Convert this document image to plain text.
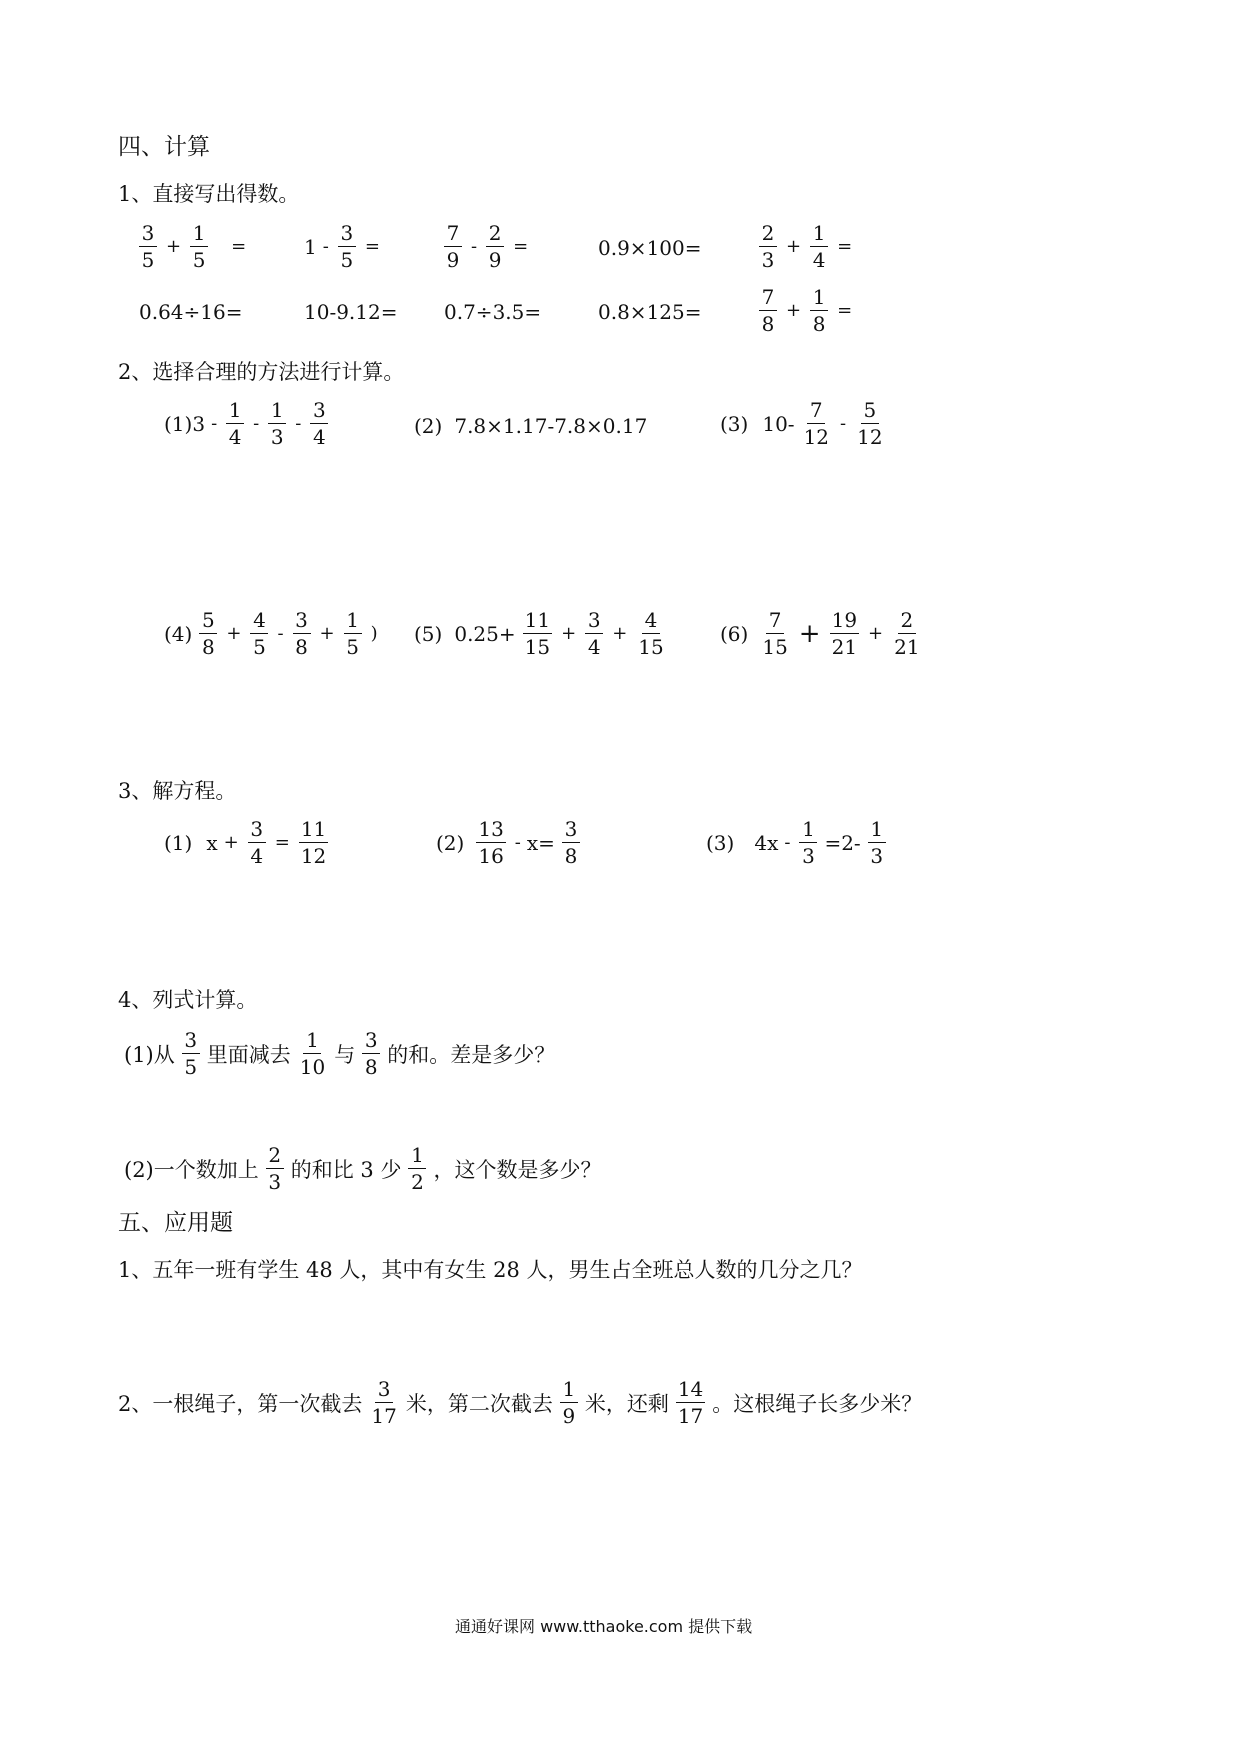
四、计算
1、直接写出得数。
$\frac{3}{5} + \frac{1}{5}$ =	$1 - \frac{3}{5}$ =	$\frac{7}{9} - \frac{2}{9}$ =	0.9×100=	$\frac{2}{3} + \frac{1}{4}$ =
0.64÷16=	10-9.12= 0.7÷3.5=	0.8×125=	$\frac{7}{8} + \frac{1}{8}$ =
2、选择合理的方法进行计算。
$(1)3 - \frac{1}{4} - \frac{1}{3} - \frac{3}{4}$	(2) 7.8×1.17-7.8×0.17	(3) $10- \frac{7}{12} - \frac{5}{12}$
$(4) \frac{5}{8} + \frac{4}{5} - \frac{3}{8} + \frac{1}{5}$ ) (5) $0.25+ \frac{11}{15} + \frac{3}{4} + \frac{4}{15}$	$(6) \frac{7}{15} + \frac{19}{21} + \frac{2}{21}$
3、解方程。
(1) $x + \frac{3}{4} = \frac{11}{12}$	$(2) \frac{13}{16} - x= \frac{3}{8}$	(3) $4x - \frac{1}{3} =2- \frac{1}{3}$
4、列式计算。
(1)从 $\frac{3}{5}$ 里面减去 $\frac{1}{10}$ 与 $\frac{3}{8}$ 的和。差是多少？
(2)一个数加上 $\frac{2}{3}$ 的和比 3 少 $\frac{1}{2}$ ，这个数是多少？
五、应用题
1、五年一班有学生 48 人，其中有女生 28 人，男生占全班总人数的几分之几？
2、一根绳子，第一次截去 $\frac{3}{17}$ 米，第二次截去 $\frac{1}{9}$ 米，还剩 $\frac{14}{17}$ 。这根绳子长多少米？
通通好课网 www.tthaoke.com 提供下载
